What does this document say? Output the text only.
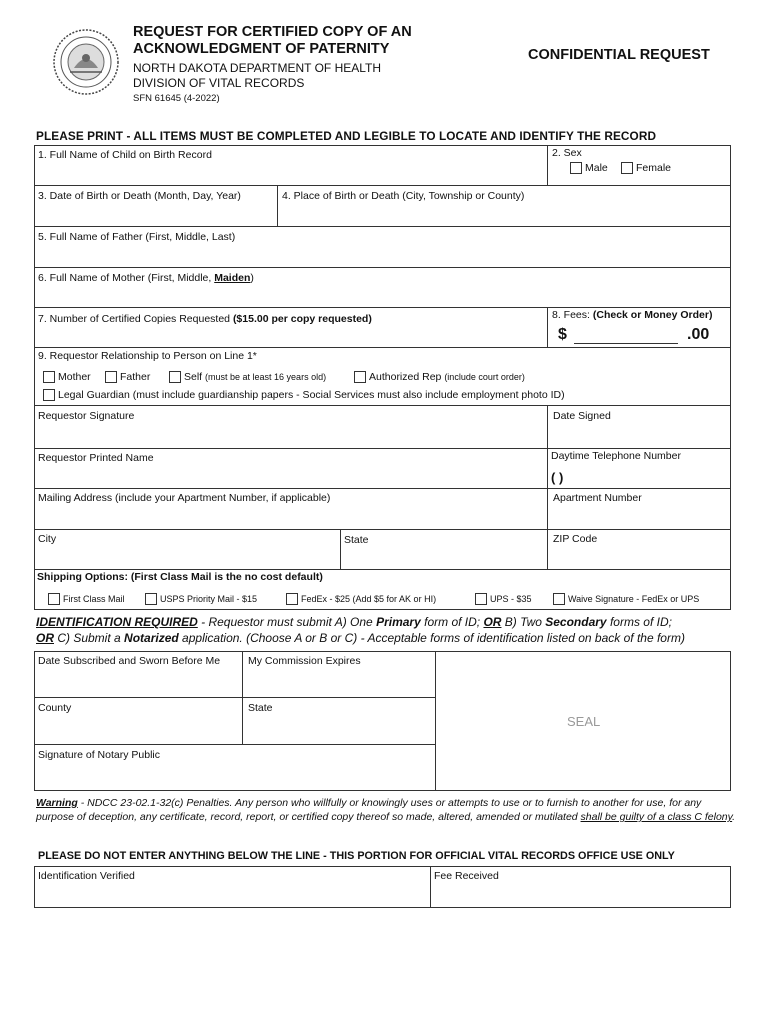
REQUEST FOR CERTIFIED COPY OF AN
ACKNOWLEDGMENT OF PATERNITY
NORTH DAKOTA DEPARTMENT OF HEALTH
DIVISION OF VITAL RECORDS
SFN 61645 (4-2022)
CONFIDENTIAL REQUEST
PLEASE PRINT - ALL ITEMS MUST BE COMPLETED AND LEGIBLE TO LOCATE AND IDENTIFY THE RECORD
1. Full Name of Child on Birth Record	2. Sex
Male	Female
3. Date of Birth or Death (Month, Day, Year)	4. Place of Birth or Death (City, Township or County)
5. Full Name of Father (First, Middle, Last)
6. Full Name of Mother (First, Middle, Maiden)
7. Number of Certified Copies Requested ($15.00 per copy requested)	8. Fees: (Check or Money Order)
$	.00
9. Requestor Relationship to Person on Line 1*
Mother	Father	Self (must be at least 16 years old)	Authorized Rep (include court order)
Legal Guardian (must include guardianship papers - Social Services must also include employment photo ID)
Requestor Signature	Date Signed
Requestor Printed Name	Daytime Telephone Number
( )
Mailing Address (include your Apartment Number, if applicable)	Apartment Number
City	State	ZIP Code
Shipping Options: (First Class Mail is the no cost default)
First Class Mail	USPS Priority Mail - $15	FedEx - $25 (Add $5 for AK or HI)	UPS - $35	Waive Signature - FedEx or UPS
IDENTIFICATION REQUIRED - Requestor must submit A) One Primary form of ID; OR B) Two Secondary forms of ID;
OR C) Submit a Notarized application. (Choose A or B or C) - Acceptable forms of identification listed on back of the form)
Date Subscribed and Sworn Before Me	My Commission Expires
County	State
Signature of Notary Public
SEAL
Warning - NDCC 23-02.1-32(c) Penalties. Any person who willfully or knowingly uses or attempts to use or to furnish to another for use, for any purpose of deception, any certificate, record, report, or certified copy thereof so made, altered, amended or mutilated shall be guilty of a class C felony.
PLEASE DO NOT ENTER ANYTHING BELOW THE LINE - THIS PORTION FOR OFFICIAL VITAL RECORDS OFFICE USE ONLY
Identification Verified	Fee Received
